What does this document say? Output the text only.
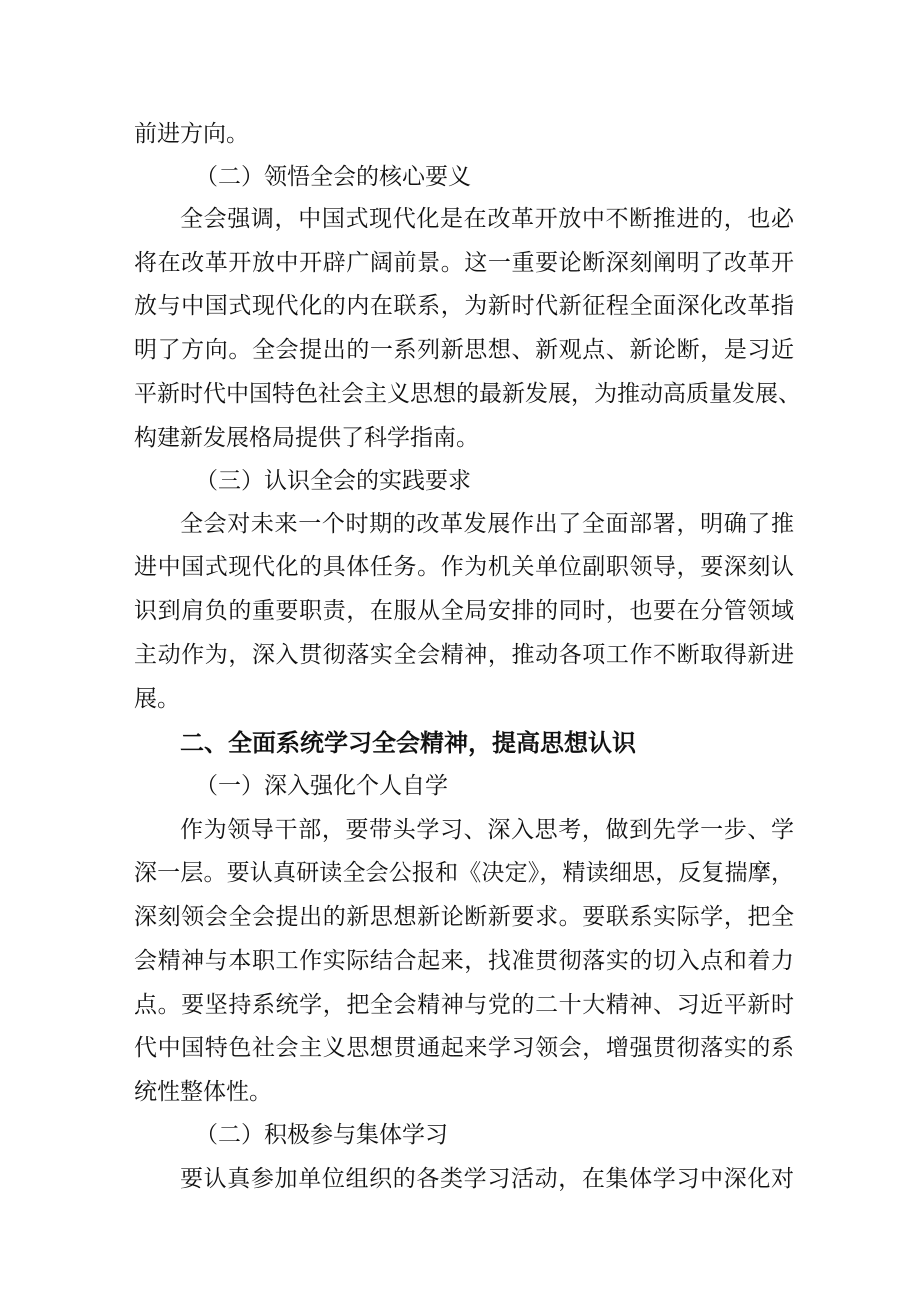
前进方向。
（二）领悟全会的核心要义
全会强调，中国式现代化是在改革开放中不断推进的，也必
将在改革开放中开辟广阔前景。这一重要论断深刻阐明了改革开
放与中国式现代化的内在联系，为新时代新征程全面深化改革指
明了方向。全会提出的一系列新思想、新观点、新论断，是习近
平新时代中国特色社会主义思想的最新发展，为推动高质量发展、
构建新发展格局提供了科学指南。
（三）认识全会的实践要求
全会对未来一个时期的改革发展作出了全面部署，明确了推
进中国式现代化的具体任务。作为机关单位副职领导，要深刻认
识到肩负的重要职责，在服从全局安排的同时，也要在分管领域
主动作为，深入贯彻落实全会精神，推动各项工作不断取得新进
展。
二、全面系统学习全会精神，提高思想认识
（一）深入强化个人自学
作为领导干部，要带头学习、深入思考，做到先学一步、学
深一层。要认真研读全会公报和《决定》，精读细思，反复揣摩，
深刻领会全会提出的新思想新论断新要求。要联系实际学，把全
会精神与本职工作实际结合起来，找准贯彻落实的切入点和着力
点。要坚持系统学，把全会精神与党的二十大精神、习近平新时
代中国特色社会主义思想贯通起来学习领会，增强贯彻落实的系
统性整体性。
（二）积极参与集体学习
要认真参加单位组织的各类学习活动，在集体学习中深化对
